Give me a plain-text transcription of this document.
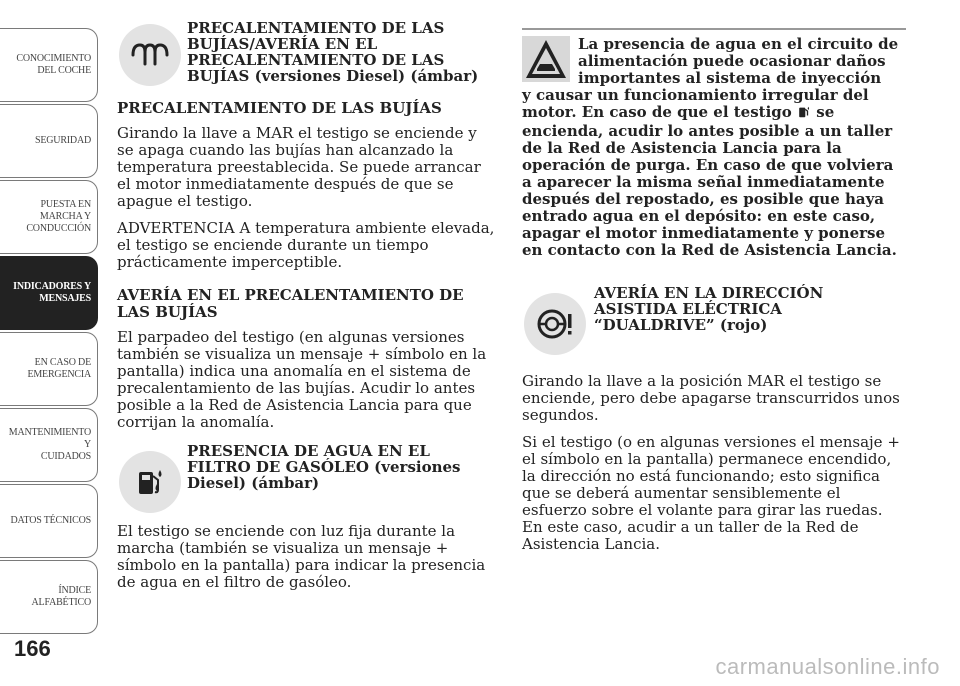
CONOCIMIENTO
DEL COCHE
SEGURIDAD
PUESTA EN
MARCHA Y
CONDUCCIÓN
INDICADORES Y
MENSAJES
EN CASO DE
EMERGENCIA
MANTENIMIENTO Y
CUIDADOS
DATOS TÉCNICOS
ÍNDICE
ALFABÉTICO
166
PRECALENTAMIENTO DE LAS BUJÍAS/AVERÍA EN EL PRECALENTAMIENTO DE LAS BUJÍAS (versiones Diesel) (ámbar)

PRECALENTAMIENTO DE LAS BUJÍAS

Girando la llave a MAR el testigo se enciende y se apaga cuando las bujías han alcanzado la temperatura preestablecida. Se puede arrancar el motor inmediatamente después de que se apague el testigo.

ADVERTENCIA A temperatura ambiente elevada, el testigo se enciende durante un tiempo prácticamente imperceptible.

AVERÍA EN EL PRECALENTAMIENTO DE LAS BUJÍAS

El parpadeo del testigo (en algunas versiones también se visualiza un mensaje + símbolo en la pantalla) indica una anomalía en el sistema de precalentamiento de las bujías. Acudir lo antes posible a la Red de Asistencia Lancia para que corrijan la anomalía.

PRESENCIA DE AGUA EN EL FILTRO DE GASÓLEO (versiones Diesel) (ámbar)

El testigo se enciende con luz fija durante la marcha (también se visualiza un mensaje + símbolo en la pantalla) para indicar la presencia de agua en el filtro de gasóleo.

La presencia de agua en el circuito de alimentación puede ocasionar daños importantes al sistema de inyección
y causar un funcionamiento irregular del motor. En caso de que el testigo se encienda, acudir lo antes posible a un taller de la Red de Asistencia Lancia para la operación de purga. En caso de que volviera a aparecer la misma señal inmediatamente después del repostado, es posible que haya entrado agua en el depósito: en este caso, apagar el motor inmediatamente y ponerse en contacto con la Red de Asistencia Lancia.
AVERÍA EN LA DIRECCIÓN ASISTIDA ELÉCTRICA “DUALDRIVE” (rojo)

Girando la llave a la posición MAR el testigo se enciende, pero debe apagarse transcurridos unos segundos.

Si el testigo (o en algunas versiones el mensaje + el símbolo en la pantalla) permanece encendido, la dirección no está funcionando; esto significa que se deberá aumentar sensiblemente el esfuerzo sobre el volante para girar las ruedas. En este caso, acudir a un taller de la Red de Asistencia Lancia.

carmanualsonline.info
